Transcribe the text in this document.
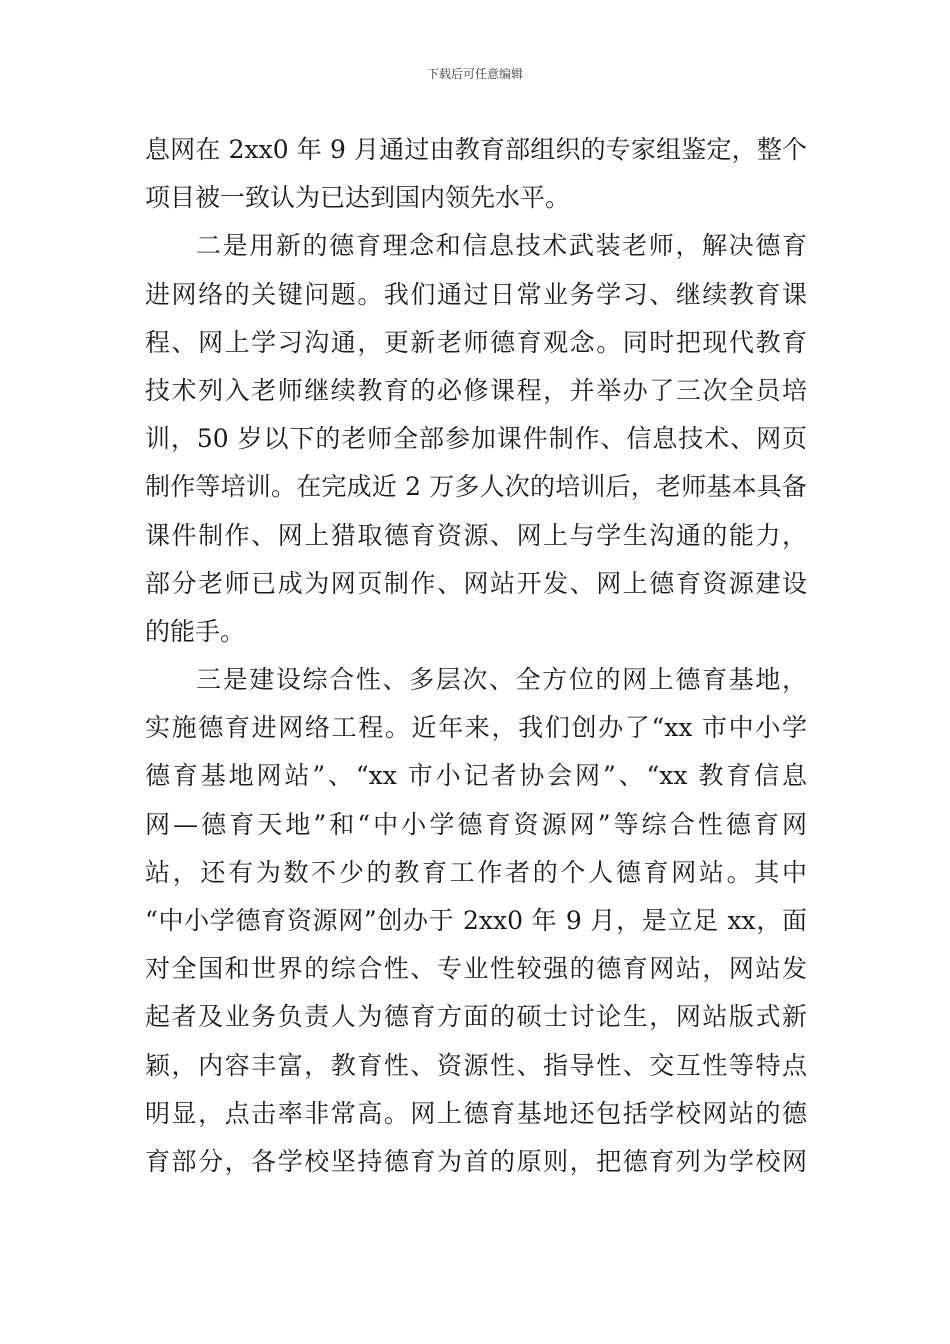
下载后可任意编辑
息网在 2xx0 年 9 月通过由教育部组织的专家组鉴定，整个
项目被一致认为已达到国内领先水平。
二是用新的德育理念和信息技术武装老师，解决德育
进网络的关键问题。我们通过日常业务学习、继续教育课
程、网上学习沟通，更新老师德育观念。同时把现代教育
技术列入老师继续教育的必修课程，并举办了三次全员培
训，50 岁以下的老师全部参加课件制作、信息技术、网页
制作等培训。在完成近 2 万多人次的培训后，老师基本具备
课件制作、网上猎取德育资源、网上与学生沟通的能力，
部分老师已成为网页制作、网站开发、网上德育资源建设
的能手。
三是建设综合性、多层次、全方位的网上德育基地，
实施德育进网络工程。近年来，我们创办了“xx 市中小学
德育基地网站”、“xx 市小记者协会网”、“xx 教育信息
网—德育天地”和“中小学德育资源网”等综合性德育网
站，还有为数不少的教育工作者的个人德育网站。其中
“中小学德育资源网”创办于 2xx0 年 9 月，是立足 xx，面
对全国和世界的综合性、专业性较强的德育网站，网站发
起者及业务负责人为德育方面的硕士讨论生，网站版式新
颖，内容丰富，教育性、资源性、指导性、交互性等特点
明显，点击率非常高。网上德育基地还包括学校网站的德
育部分，各学校坚持德育为首的原则，把德育列为学校网
